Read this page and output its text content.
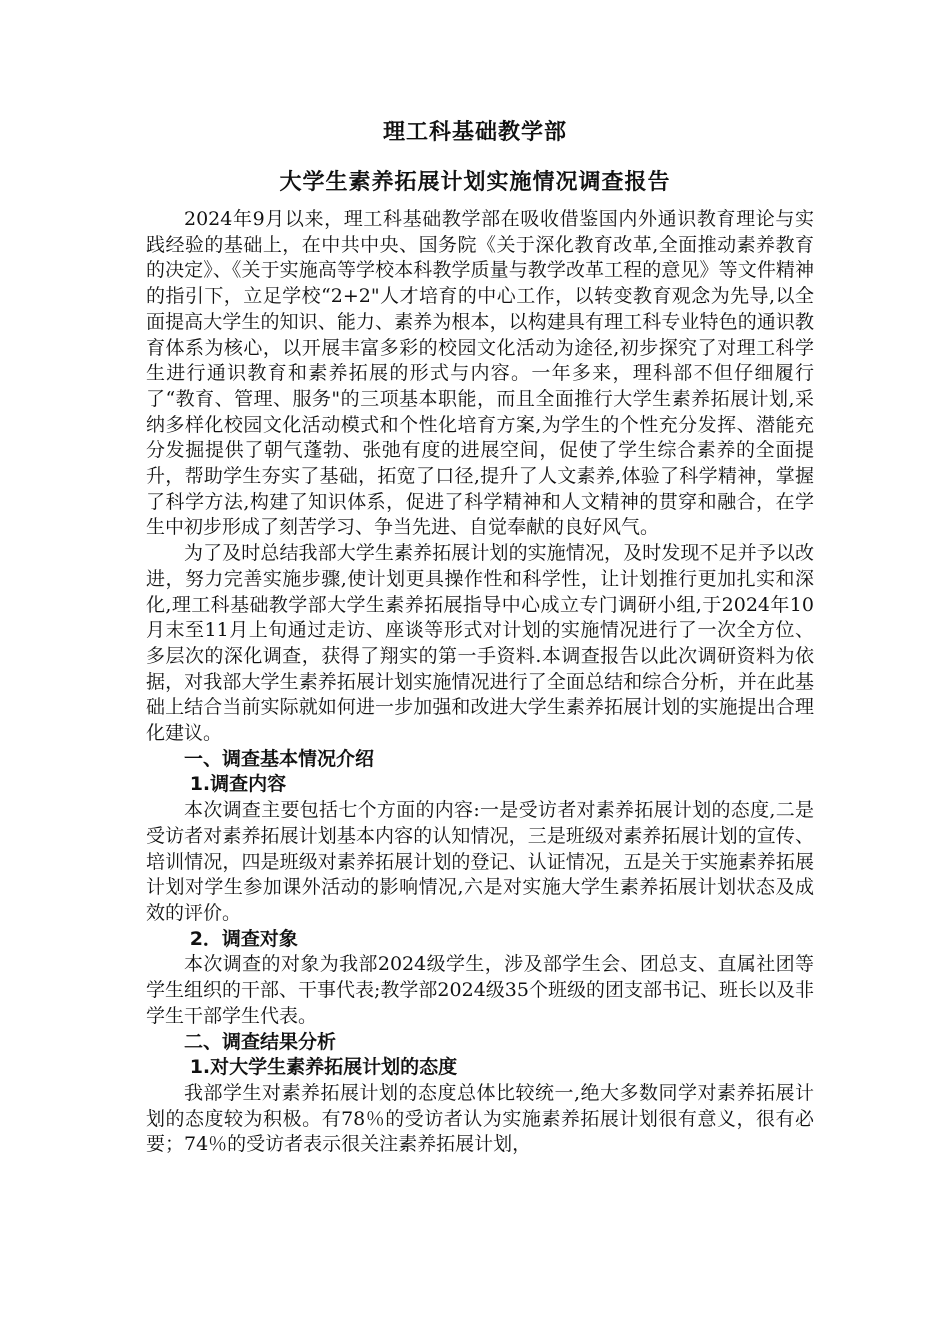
理工科基础教学部
大学生素养拓展计划实施情况调查报告

2024年9月以来，理工科基础教学部在吸收借鉴国内外通识教育理论与实践经验的基础上，在中共中央、国务院《关于深化教育改革,全面推动素养教育的决定》、《关于实施高等学校本科教学质量与教学改革工程的意见》等文件精神的指引下，立足学校“2+2"人才培育的中心工作，以转变教育观念为先导,以全面提高大学生的知识、能力、素养为根本，以构建具有理工科专业特色的通识教育体系为核心，以开展丰富多彩的校园文化活动为途径,初步探究了对理工科学生进行通识教育和素养拓展的形式与内容。一年多来，理科部不但仔细履行了“教育、管理、服务"的三项基本职能，而且全面推行大学生素养拓展计划,采纳多样化校园文化活动模式和个性化培育方案,为学生的个性充分发挥、潜能充分发掘提供了朝气蓬勃、张弛有度的进展空间，促使了学生综合素养的全面提升，帮助学生夯实了基础，拓宽了口径,提升了人文素养,体验了科学精神，掌握了科学方法,构建了知识体系，促进了科学精神和人文精神的贯穿和融合，在学生中初步形成了刻苦学习、争当先进、自觉奉献的良好风气。

为了及时总结我部大学生素养拓展计划的实施情况，及时发现不足并予以改进，努力完善实施步骤,使计划更具操作性和科学性，让计划推行更加扎实和深化,理工科基础教学部大学生素养拓展指导中心成立专门调研小组,于2024年10月末至11月上旬通过走访、座谈等形式对计划的实施情况进行了一次全方位、多层次的深化调查，获得了翔实的第一手资料.本调查报告以此次调研资料为依据，对我部大学生素养拓展计划实施情况进行了全面总结和综合分析，并在此基础上结合当前实际就如何进一步加强和改进大学生素养拓展计划的实施提出合理化建议。

一、调查基本情况介绍
1.调查内容

本次调查主要包括七个方面的内容:一是受访者对素养拓展计划的态度,二是受访者对素养拓展计划基本内容的认知情况，三是班级对素养拓展计划的宣传、培训情况，四是班级对素养拓展计划的登记、认证情况，五是关于实施素养拓展计划对学生参加课外活动的影响情况,六是对实施大学生素养拓展计划状态及成效的评价。

2．调查对象

本次调查的对象为我部2024级学生，涉及部学生会、团总支、直属社团等学生组织的干部、干事代表;教学部2024级35个班级的团支部书记、班长以及非学生干部学生代表。

二、调查结果分析
1.对大学生素养拓展计划的态度

我部学生对素养拓展计划的态度总体比较统一,绝大多数同学对素养拓展计划的态度较为积极。有78％的受访者认为实施素养拓展计划很有意义，很有必要；74％的受访者表示很关注素养拓展计划，
